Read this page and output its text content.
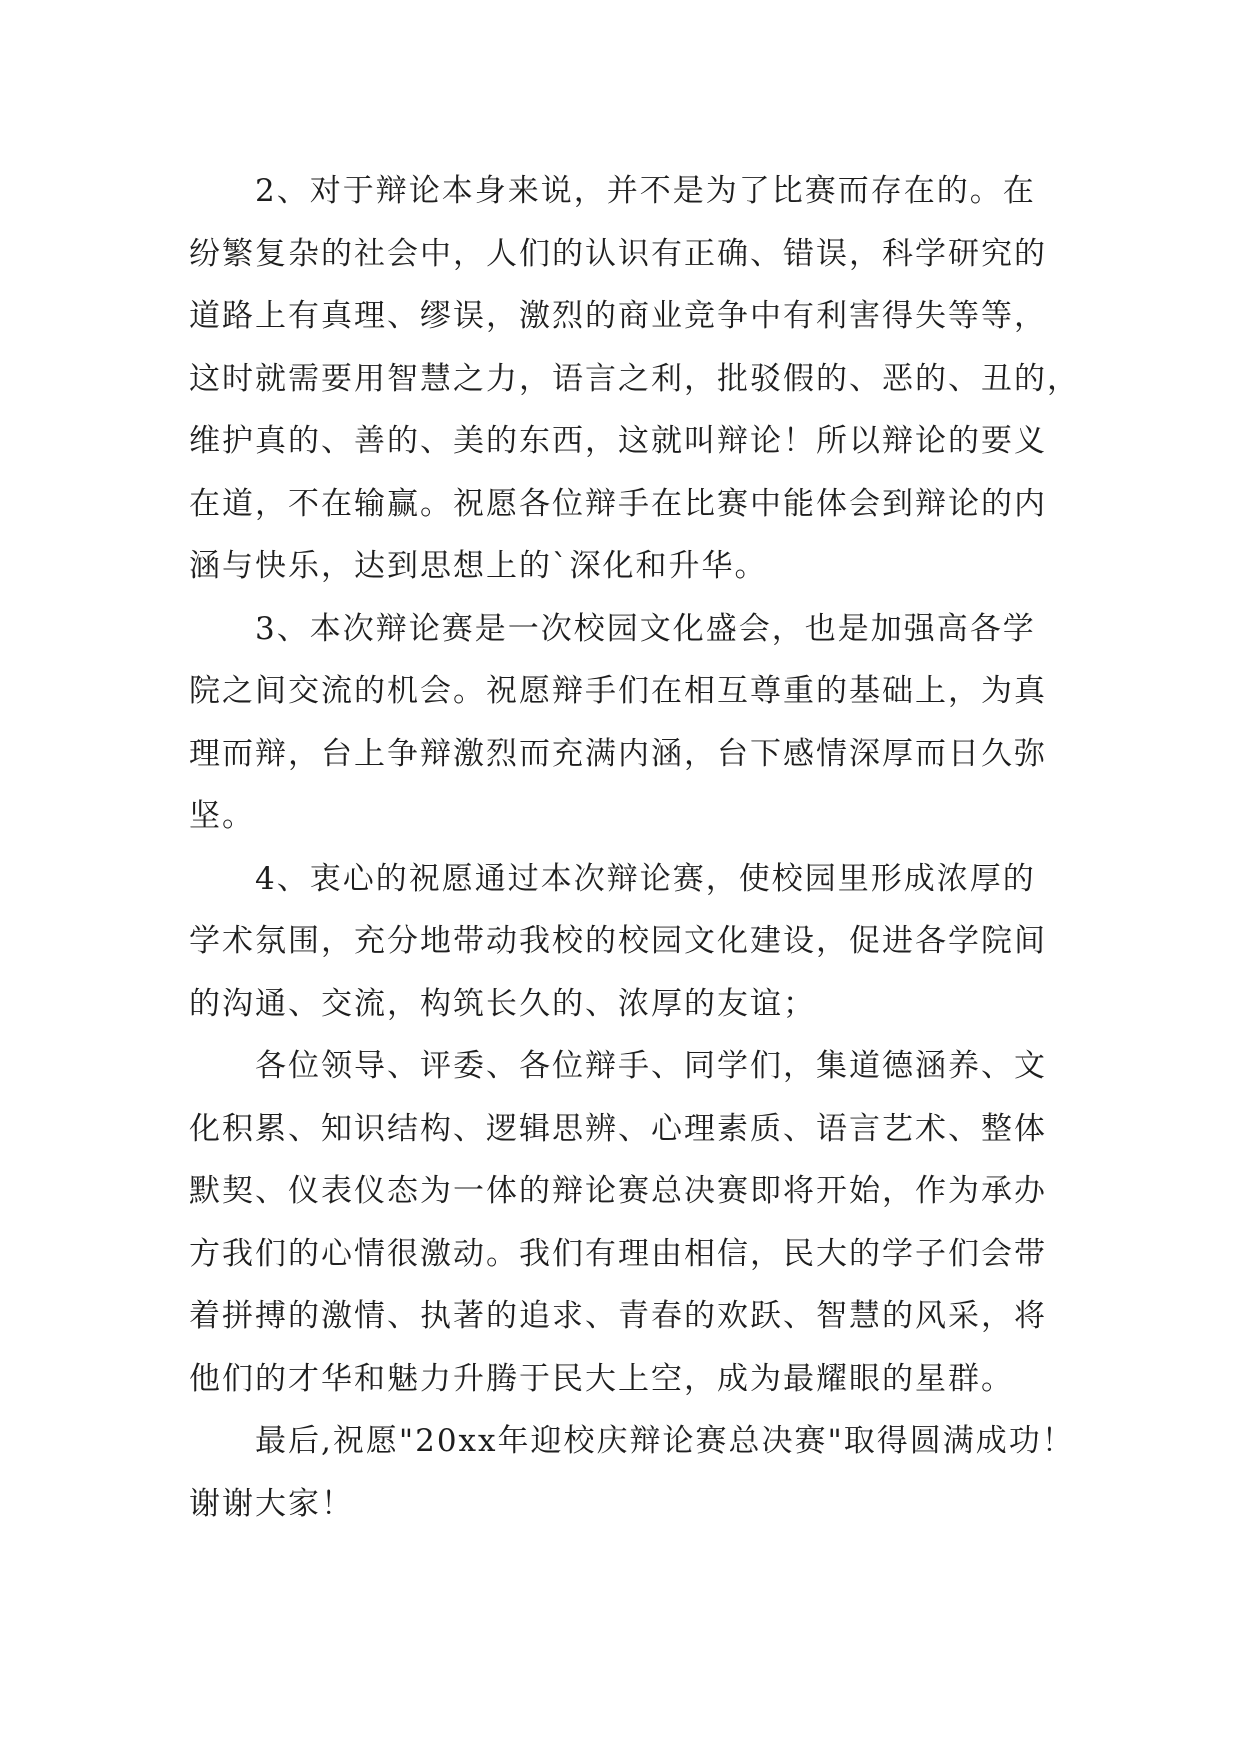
2、对于辩论本身来说，并不是为了比赛而存在的。在
纷繁复杂的社会中，人们的认识有正确、错误，科学研究的
道路上有真理、缪误，激烈的商业竞争中有利害得失等等，
这时就需要用智慧之力，语言之利，批驳假的、恶的、丑的，
维护真的、善的、美的东西，这就叫辩论！所以辩论的要义
在道，不在输赢。祝愿各位辩手在比赛中能体会到辩论的内
涵与快乐，达到思想上的`深化和升华。
3、本次辩论赛是一次校园文化盛会，也是加强高各学
院之间交流的机会。祝愿辩手们在相互尊重的基础上，为真
理而辩，台上争辩激烈而充满内涵，台下感情深厚而日久弥
坚。
4、衷心的祝愿通过本次辩论赛，使校园里形成浓厚的
学术氛围，充分地带动我校的校园文化建设，促进各学院间
的沟通、交流，构筑长久的、浓厚的友谊；
各位领导、评委、各位辩手、同学们，集道德涵养、文
化积累、知识结构、逻辑思辨、心理素质、语言艺术、整体
默契、仪表仪态为一体的辩论赛总决赛即将开始，作为承办
方我们的心情很激动。我们有理由相信，民大的学子们会带
着拼搏的激情、执著的追求、青春的欢跃、智慧的风采，将
他们的才华和魅力升腾于民大上空，成为最耀眼的星群。
最后,祝愿"20xx年迎校庆辩论赛总决赛"取得圆满成功！
谢谢大家！
